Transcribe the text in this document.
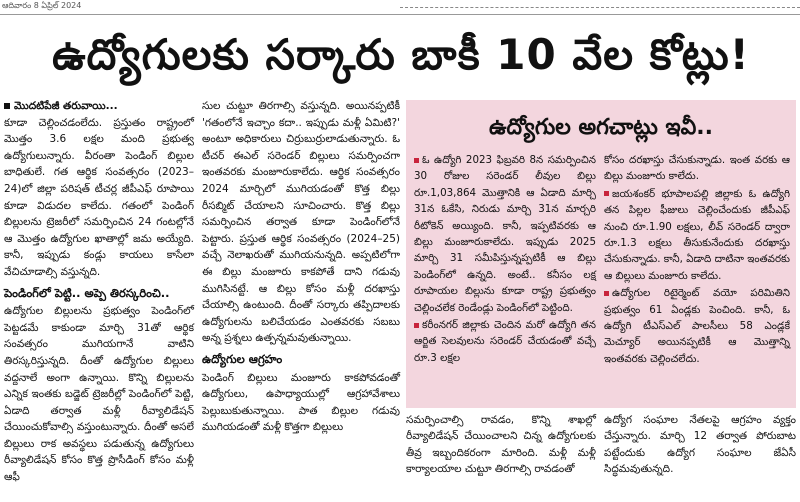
ఆదివారం 8 ఏప్రిల్ 2024
ఉద్యోగులకు సర్కారు బాకీ 10 వేల కోట్లు!

మొదటిపేజీ తరువాయి...

కూడా చెల్లించడంలేదు. ప్రస్తుతం రాష్ట్రంలో మొత్తం 3.6 లక్షల మంది ప్రభుత్వ ఉద్యోగులున్నారు. వీరంతా పెండింగ్ బిల్లుల బాధితులే. గత ఆర్థిక సంవత్సరం (2023–24)లో జిల్లా పరిషత్ టీచర్ల జీపీఎఫ్ రూపాయి కూడా విడుదల కాలేదు. గతంలో పెండింగ్ బిల్లులను ట్రెజరీలో సమర్పించిన 24 గంటల్లోనే ఆ మొత్తం ఉద్యోగుల ఖాతాల్లో జమ అయ్యేది. కానీ, ఇప్పుడు కండ్లు కాయలు కాసేలా వేచిచూడాల్సి వస్తున్నది.

పెండింగ్‌లో పెట్టి.. అప్పె తిరస్కరించి..

ఉద్యోగుల బిల్లులను ప్రభుత్వం పెండింగ్‌లో పెట్టడమే కాకుండా మార్చి 31తో ఆర్థిక సంవత్సరం ముగియగానే వాటిని తిరస్కరిస్తున్నది. దీంతో ఉద్యోగుల బిల్లులు వద్దనాలే అంగా ఉన్నాయి. కొన్ని బిల్లులను ఎన్నిక ఇంతకు బడ్జెట్ ట్రెజరీల్లో పెండింగ్‌లో పెట్టి, ఏడాది తర్వాత మళ్లీ రీవ్యాలిడేషన్ చేయించుకోవాల్సి వస్తుంటున్నారు. దీంతో అసలే బిల్లులు రాక అవస్థలు పడుతున్న ఉద్యోగులు రీవ్యాలిడేషన్ కోసం కొత్త ప్రొసీడింగ్ కోసం మళ్లీ ఆఫీ

సుల చుట్టూ తిరగాల్సి వస్తున్నది. అయినప్పటికీ 'గతంలోనే ఇచ్చాం కదా.. ఇప్పుడు మళ్లీ ఏమిటి?' అంటూ అధికారులు చిర్రుబుర్రులాడుతున్నారు. ఓ టీచర్ ఈఎల్ సరెండర్ బిల్లులు సమర్పించగా ఇంతవరకు మంజూరుకాలేదు. ఆర్థిక సంవత్సరం 2024 మార్చిలో ముగియడంతో కొత్త బిల్లు రీసబ్మిట్ చేయాలని సూచించారు. కొత్త బిల్లు సమర్పించిన తర్వాత కూడా పెండింగ్‌లోనే పెట్టారు. ప్రస్తుత ఆర్థిక సంవత్సరం (2024–25) వచ్చే నెలాఖరుతో ముగియనున్నది. అప్పటిలోగా ఈ బిల్లు మంజూరు కాకపోతే దాని గడువు ముగిసినట్టే. ఆ బిల్లు కోసం మళ్లీ దరఖాస్తు చేయాల్సి ఉంటుంది. దీంతో సర్కారు తప్పిదాలకు ఉద్యోగులను బలిచేయడం ఎంతవరకు సబబు అన్న ప్రశ్నలు ఉత్పన్నమవుతున్నాయి.

ఉద్యోగుల ఆగ్రహం

పెండింగ్ బిల్లులు మంజూరు కాకపోవడంతో ఉద్యోగులు, ఉపాధ్యాయుల్లో ఆగ్రహావేశాలు పెల్లుబుకుతున్నాయి. పాత బిల్లుల గడువు ముగియడంతో మళ్లీ కొత్తగా బిల్లులు

ఉద్యోగుల అగచాట్లు ఇవీ..

ఓ ఉద్యోగి 2023 ఫిబ్రవరి 8న సమర్పించిన 30 రోజుల సరెండర్ లీవుల బిల్లు రూ.1,03,864 మొత్తానికి ఆ ఏడాది మార్చి 31న ఓకేసి, నిరుడు మార్చి 31న మార్చరి రీటోకెన్ అయ్యింది. కానీ, ఇప్పటివరకు ఆ బిల్లు మంజూరుకాలేదు. ఇప్పుడు 2025 మార్చి 31 సమీపిస్తున్నప్పటికీ ఆ బిల్లు పెండింగ్‌లో ఉన్నది. అంటే.. కనీసం లక్ష రూపాయల బిల్లును కూడా రాష్ట్ర ప్రభుత్వం చెల్లించలేక రెండేండ్లు పెండింగ్‌లో పెట్టింది.

కరీంనగర్ జిల్లాకు చెందిన మరో ఉద్యోగి తన ఆర్జిత సెలవులను సరెండర్ చేయడంతో వచ్చే రూ.3 లక్షల

కోసం దరఖాస్తు చేసుకున్నాడు. ఇంత వరకు ఆ బిల్లు మంజూరు కాలేదు.

జయశంకర్ భూపాలపల్లి జిల్లాకు ఓ ఉద్యోగి తన పిల్లల ఫీజులు చెల్లించేందుకు జీపీఎఫ్ నుంచి రూ.1.90 లక్షలు, లీవ్ సరెండర్ ద్వారా రూ.1.3 లక్షలు తీసుకునేందుకు దరఖాస్తు చేసుకున్నాడు. కానీ, ఏడాది దాటినా ఇంతవరకు ఆ బిల్లులు మంజూరు కాలేదు.

ఉద్యోగుల రిటైర్మెంట్ వయో పరిమితిని ప్రభుత్వం 61 ఏండ్లకు పెంచింది. కానీ, ఓ ఉద్యోగి టీఎస్‌ఎల్ పాలసీలు 58 ఎండ్లకే మెచ్యూర్ అయినప్పటికీ ఆ మొత్తాన్ని ఇంతవరకు చెల్లించలేదు.

సమర్పించాల్సి రావడం, కొన్ని శాఖల్లో రీవ్యాలిడేషన్ చేయించాలని చిన్న ఉద్యోగులకు తీవ్ర ఇబ్బందికరంగా మారింది. మళ్లీ మళ్లీ కార్యాలయాల చుట్టూ తిరగాల్సి రావడంతో

ఉద్యోగ సంఘాల నేతలపై ఆగ్రహం వ్యక్తం చేస్తున్నారు. మార్చి 12 తర్వాత పోరుబాట పట్టేందుకు ఉద్యోగ సంఘాల జేఏసీ సిద్ధమవుతున్నది.
